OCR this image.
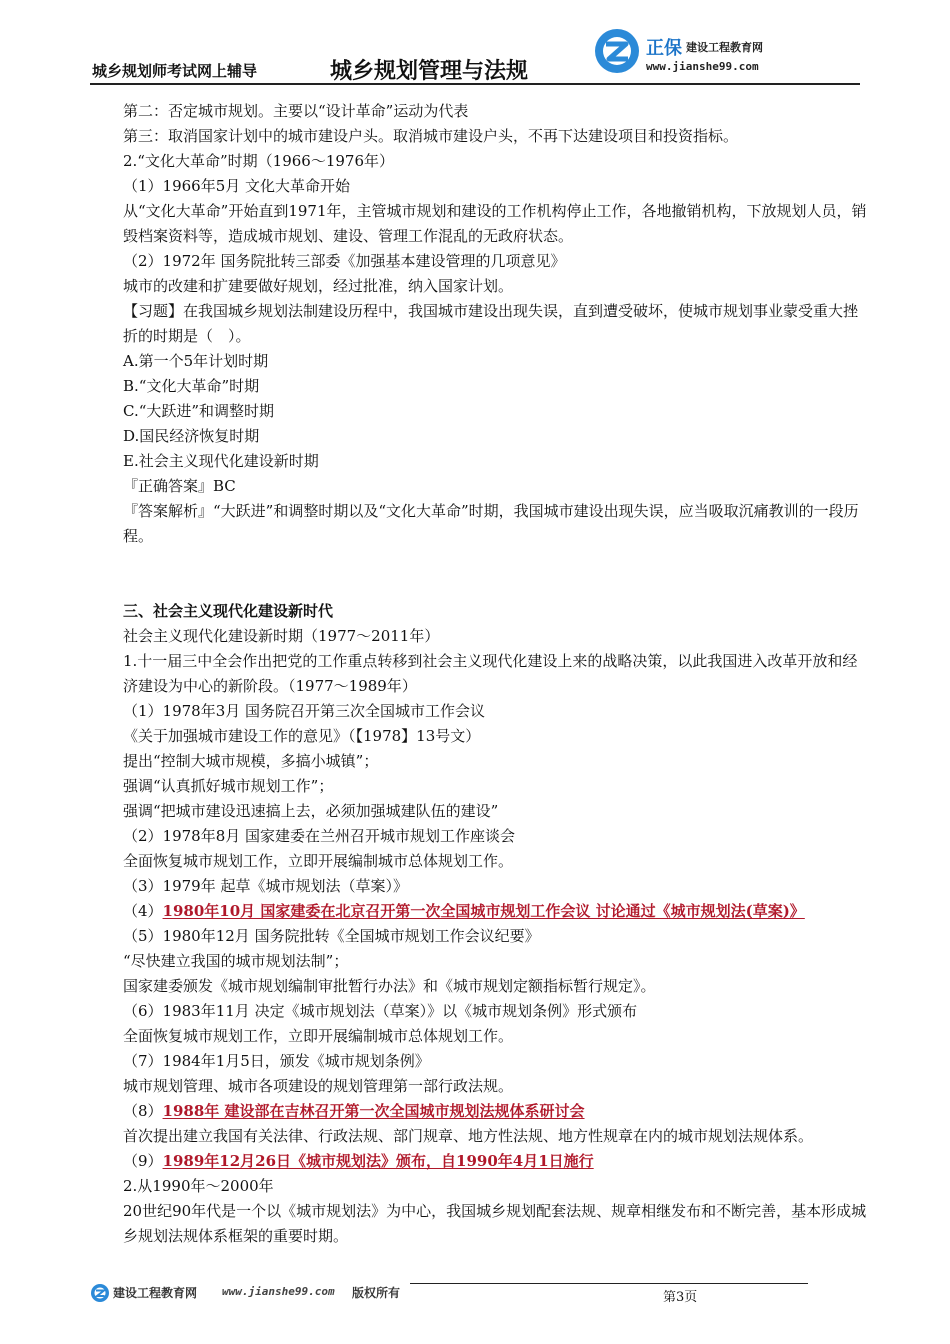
城乡规划师考试网上辅导	城乡规划管理与法规
正保 建设工程教育网
www.jianshe99.com
第二：否定城市规划。主要以“设计革命”运动为代表
第三：取消国家计划中的城市建设户头。取消城市建设户头，不再下达建设项目和投资指标。
2.“文化大革命”时期（1966～1976年）
（1）1966年5月 文化大革命开始
从“文化大革命”开始直到1971年，主管城市规划和建设的工作机构停止工作，各地撤销机构，下放规划人员，销毁档案资料等，造成城市规划、建设、管理工作混乱的无政府状态。
（2）1972年 国务院批转三部委《加强基本建设管理的几项意见》
城市的改建和扩建要做好规划，经过批准，纳入国家计划。
【习题】在我国城乡规划法制建设历程中，我国城市建设出现失误，直到遭受破坏，使城市规划事业蒙受重大挫折的时期是（　）。
A.第一个5年计划时期
B.“文化大革命”时期
C.“大跃进”和调整时期
D.国民经济恢复时期
E.社会主义现代化建设新时期
『正确答案』BC
『答案解析』“大跃进”和调整时期以及“文化大革命”时期，我国城市建设出现失误，应当吸取沉痛教训的一段历程。
三、社会主义现代化建设新时代
社会主义现代化建设新时期（1977～2011年）
1.十一届三中全会作出把党的工作重点转移到社会主义现代化建设上来的战略决策，以此我国进入改革开放和经济建设为中心的新阶段。（1977～1989年）
（1）1978年3月 国务院召开第三次全国城市工作会议
《关于加强城市建设工作的意见》（【1978】13号文）
提出“控制大城市规模，多搞小城镇”；
强调“认真抓好城市规划工作”；
强调“把城市建设迅速搞上去，必须加强城建队伍的建设”
（2）1978年8月 国家建委在兰州召开城市规划工作座谈会
全面恢复城市规划工作，立即开展编制城市总体规划工作。
（3）1979年 起草《城市规划法（草案）》
（4）1980年10月 国家建委在北京召开第一次全国城市规划工作会议 讨论通过《城市规划法(草案)》
（5）1980年12月 国务院批转《全国城市规划工作会议纪要》
“尽快建立我国的城市规划法制”；
国家建委颁发《城市规划编制审批暂行办法》和《城市规划定额指标暂行规定》。
（6）1983年11月 决定《城市规划法（草案）》以《城市规划条例》形式颁布
全面恢复城市规划工作，立即开展编制城市总体规划工作。
（7）1984年1月5日，颁发《城市规划条例》
城市规划管理、城市各项建设的规划管理第一部行政法规。
（8）1988年 建设部在吉林召开第一次全国城市规划法规体系研讨会
首次提出建立我国有关法律、行政法规、部门规章、地方性法规、地方性规章在内的城市规划法规体系。
（9）1989年12月26日《城市规划法》颁布，自1990年4月1日施行
2.从1990年～2000年
20世纪90年代是一个以《城市规划法》为中心，我国城乡规划配套法规、规章相继发布和不断完善，基本形成城乡规划法规体系框架的重要时期。
建设工程教育网 www.jianshe99.com 版权所有	第3页
